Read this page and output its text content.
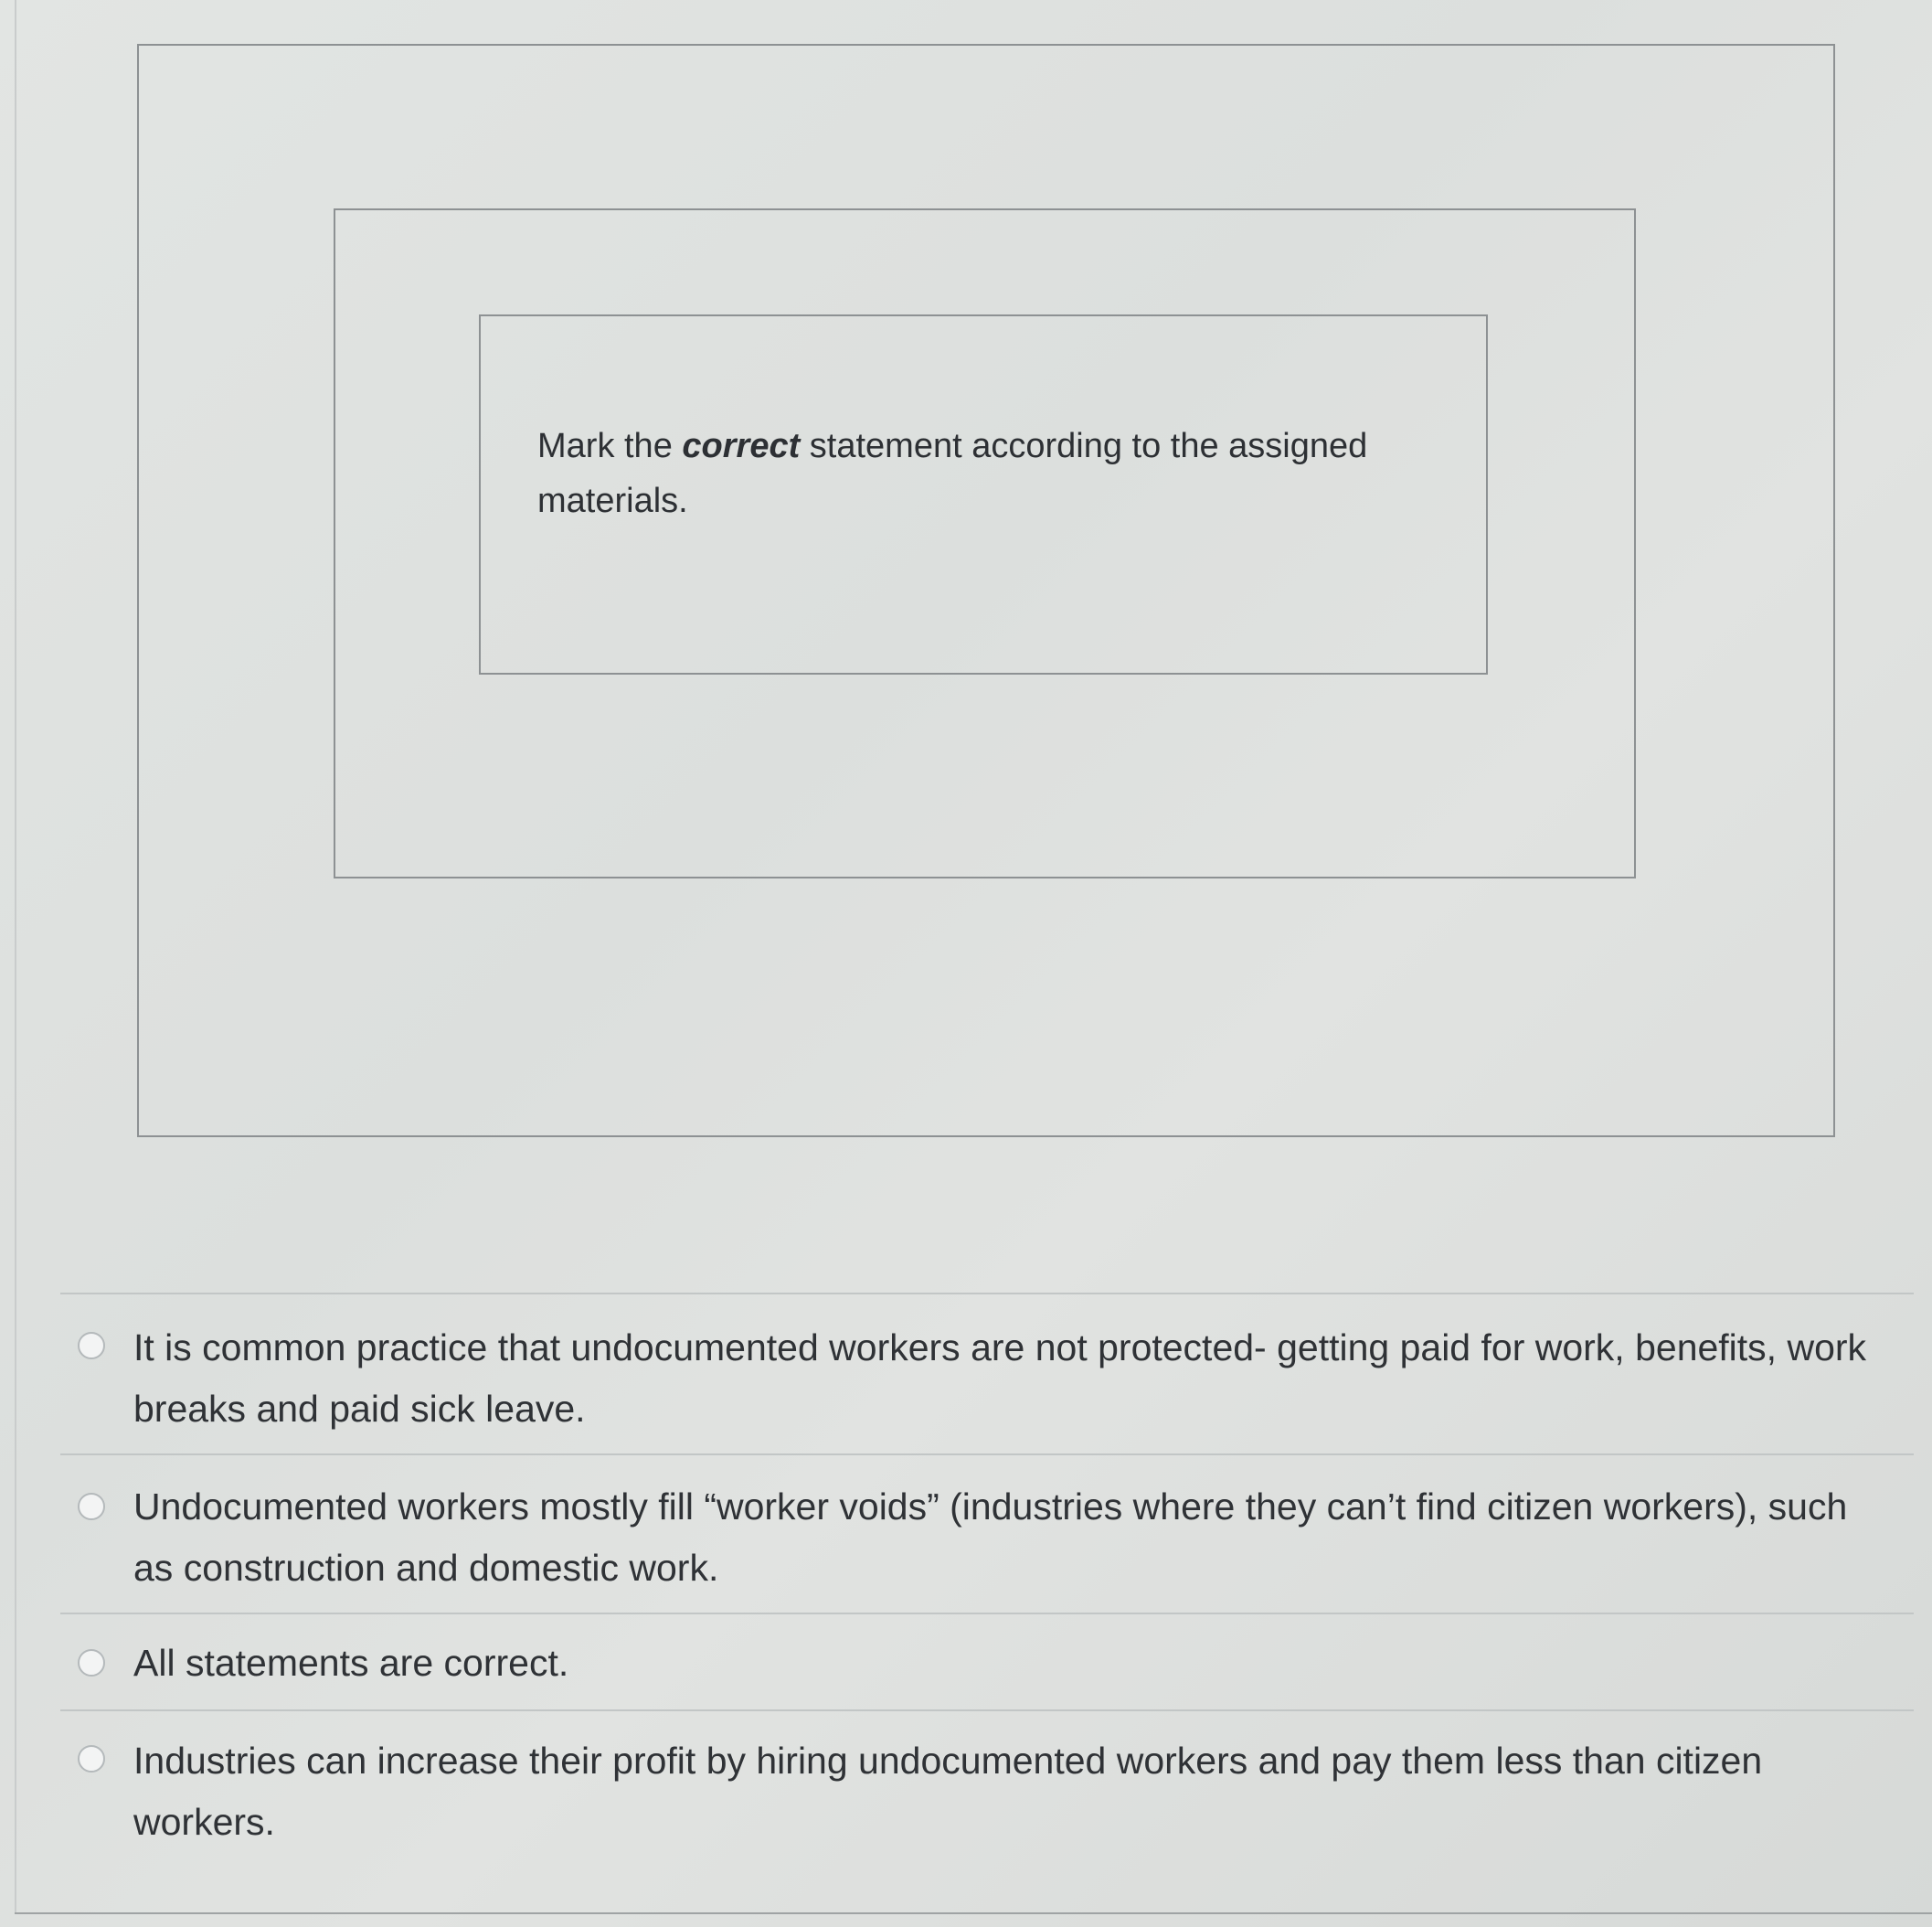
Mark the correct statement according to the assigned materials.
It is common practice that undocumented workers are not protected- getting paid for work, benefits, work breaks and paid sick leave.
Undocumented workers mostly fill “worker voids” (industries where they can’t find citizen workers), such as construction and domestic work.
All statements are correct.
Industries can increase their profit by hiring undocumented workers and pay them less than citizen workers.
